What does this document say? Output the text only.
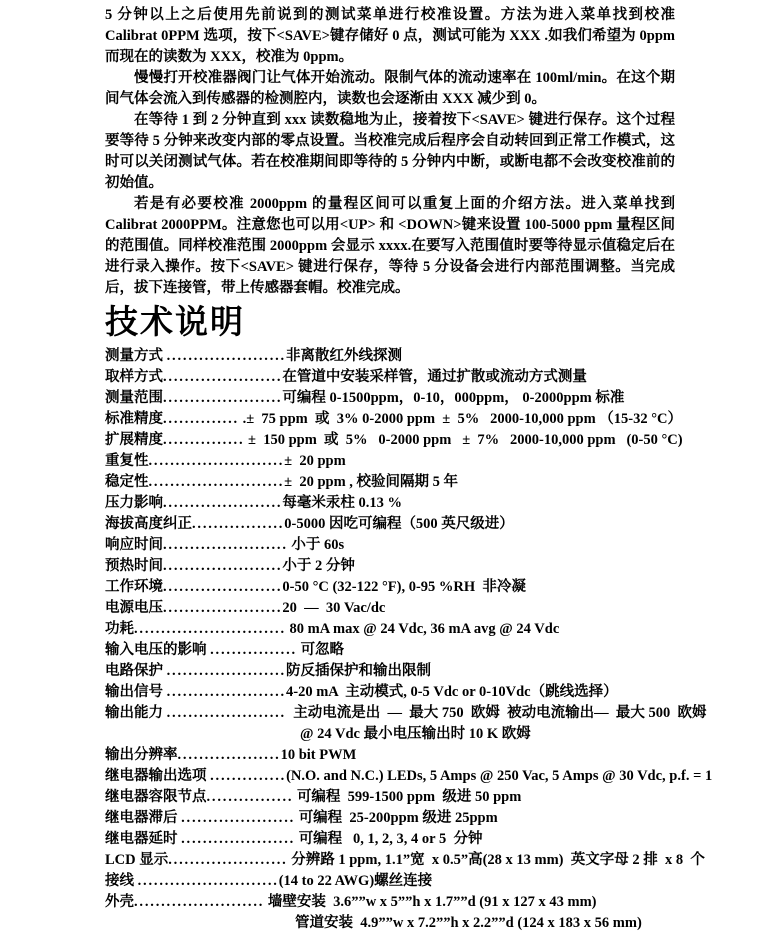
5 分钟以上之后使用先前说到的测试菜单进行校准设置。方法为进入菜单找到校准 Calibrat 0PPM 选项，按下<SAVE>键存储好 0 点，测试可能为 XXX .如我们希望为 0ppm 而现在的读数为 XXX，校准为 0ppm。

慢慢打开校准器阀门让气体开始流动。限制气体的流动速率在 100ml/min。在这个期间气体会流入到传感器的检测腔内，读数也会逐渐由 XXX 减少到 0。

在等待 1 到 2 分钟直到 xxx 读数稳地为止，接着按下<SAVE> 键进行保存。这个过程要等待 5 分钟来改变内部的零点设置。当校准完成后程序会自动转回到正常工作模式，这时可以关闭测试气体。若在校准期间即等待的 5 分钟内中断，或断电都不会改变校准前的初始值。

若是有必要校准 2000ppm 的量程区间可以重复上面的介绍方法。进入菜单找到 Calibrat 2000PPM。注意您也可以用<UP> 和 <DOWN>键来设置 100-5000 ppm 量程区间的范围值。同样校准范围 2000ppm 会显示 xxxx.在要写入范围值时要等待显示值稳定后在进行录入操作。按下<SAVE> 键进行保存，等待 5 分设备会进行内部范围调整。当完成后，拔下连接管，带上传感器套帽。校准完成。

技术说明
测量方式 ......................非离散红外线探测
取样方式......................在管道中安装采样管，通过扩散或流动方式测量
测量范围......................可编程 0-1500ppm，0-10，000ppm， 0-2000ppm 标准
标准精度.............. .±  75 ppm  或  3% 0-2000 ppm  ±  5%   2000-10,000 ppm （15-32 °C）
扩展精度............... ±  150 ppm  或  5%   0-2000 ppm   ±  7%   2000-10,000 ppm   (0-50 °C)
重复性.........................±  20 ppm
稳定性.........................±  20 ppm , 校验间隔期 5 年
压力影响......................每毫米汞柱 0.13 %
海拔高度纠正.................0-5000 因吃可编程（500 英尺级进）
响应时间....................... 小于 60s
预热时间......................小于 2 分钟
工作环境......................0-50 °C (32-122 °F), 0-95 %RH  非冷凝
电源电压......................20  —  30 Vac/dc
功耗............................ 80 mA max @ 24 Vdc, 36 mA avg @ 24 Vdc
输入电压的影响 ................ 可忽略
电路保护 ......................防反插保护和输出限制
输出信号 ......................4-20 mA  主动模式, 0-5 Vdc or 0-10Vdc（跳线选择）
输出能力 ......................  主动电流是出  —  最大 750  欧姆  被动电流输出—  最大 500  欧姆
@ 24 Vdc 最小电压输出时 10 K 欧姆
输出分辨率...................10 bit PWM
继电器输出选项 ..............(N.O. and N.C.) LEDs, 5 Amps @ 250 Vac, 5 Amps @ 30 Vdc, p.f. = 1
继电器容限节点................ 可编程  599-1500 ppm  级进 50 ppm
继电器滞后 ..................... 可编程  25-200ppm 级进 25ppm
继电器延时 ..................... 可编程   0, 1, 2, 3, 4 or 5  分钟
LCD 显示...................... 分辨路 1 ppm, 1.1”宽  x 0.5”高(28 x 13 mm)  英文字母 2 排  x 8  个
接线 ..........................(14 to 22 AWG)螺丝连接
外壳........................ 墙壁安装  3.6””w x 5””h x 1.7””d (91 x 127 x 43 mm)
管道安装  4.9””w x 7.2””h x 2.2””d (124 x 183 x 56 mm)
